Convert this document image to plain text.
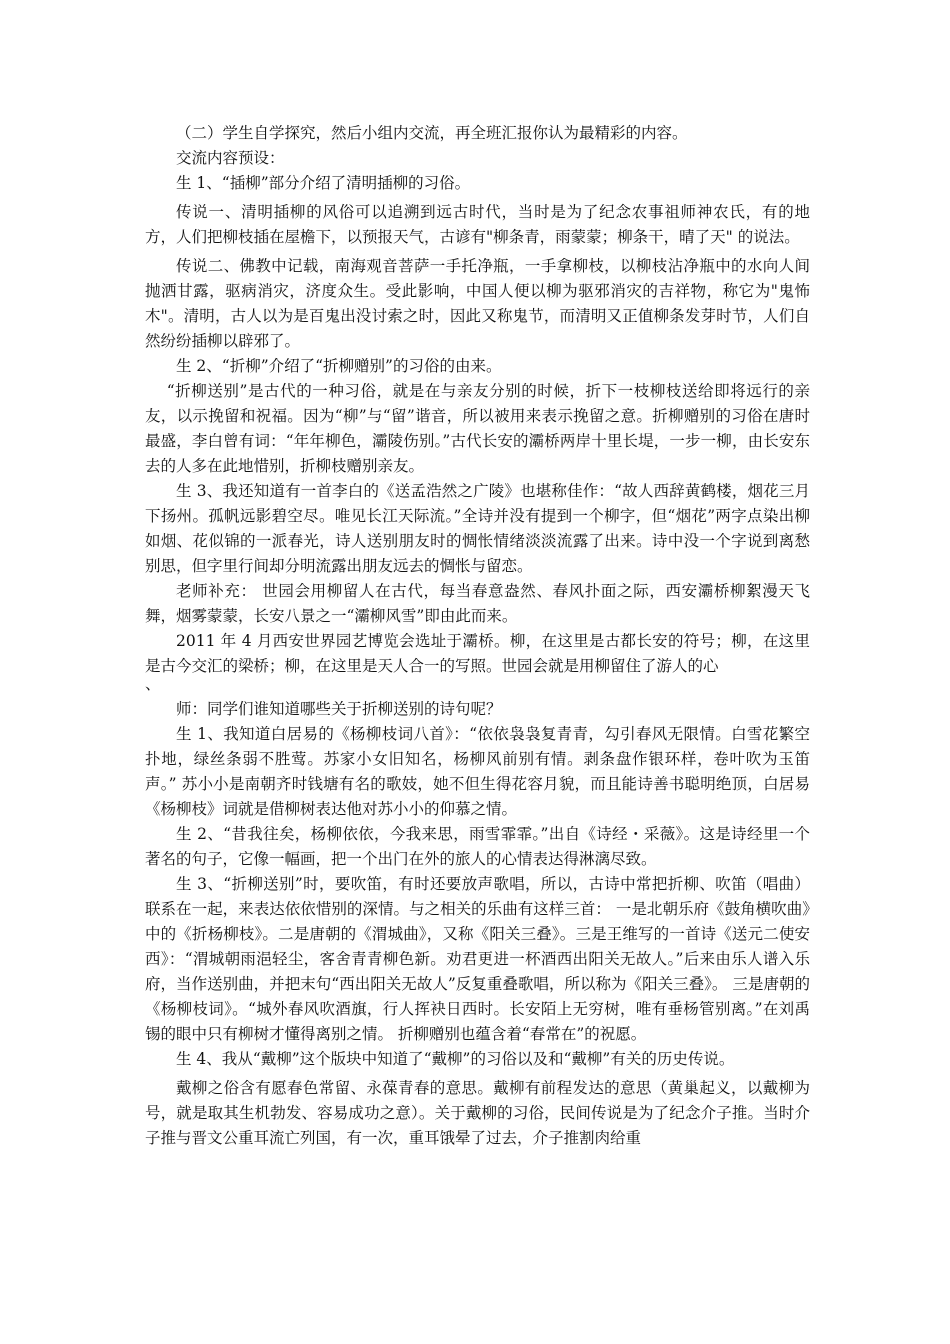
（二）学生自学探究，然后小组内交流，再全班汇报你认为最精彩的内容。

交流内容预设：

生 1、“插柳”部分介绍了清明插柳的习俗。

传说一、清明插柳的风俗可以追溯到远古时代，当时是为了纪念农事祖师神农氏，有的地方，人们把柳枝插在屋檐下，以预报天气，古谚有"柳条青，雨蒙蒙；柳条干，晴了天" 的说法。

传说二、佛教中记载，南海观音菩萨一手托净瓶，一手拿柳枝，以柳枝沾净瓶中的水向人间抛洒甘露，驱病消灾，济度众生。受此影响，中国人便以柳为驱邪消灾的吉祥物，称它为"鬼怖木"。清明，古人以为是百鬼出没讨索之时，因此又称鬼节，而清明又正值柳条发芽时节，人们自然纷纷插柳以辟邪了。

生 2、“折柳”介绍了“折柳赠别”的习俗的由来。

“折柳送别”是古代的一种习俗，就是在与亲友分别的时候，折下一枝柳枝送给即将远行的亲友，以示挽留和祝福。因为“柳”与“留”谐音，所以被用来表示挽留之意。折柳赠别的习俗在唐时最盛，李白曾有词：“年年柳色，灞陵伤别。”古代长安的灞桥两岸十里长堤，一步一柳，由长安东去的人多在此地惜别，折柳枝赠别亲友。

生 3、我还知道有一首李白的《送孟浩然之广陵》也堪称佳作：“故人西辞黄鹤楼，烟花三月下扬州。孤帆远影碧空尽。唯见长江天际流。”全诗并没有提到一个柳字，但“烟花”两字点染出柳如烟、花似锦的一派春光，诗人送别朋友时的惆怅情绪淡淡流露了出来。诗中没一个字说到离愁别思，但字里行间却分明流露出朋友远去的惆怅与留恋。

老师补充： 世园会用柳留人在古代，每当春意盎然、春风扑面之际，西安灞桥柳絮漫天飞舞，烟雾蒙蒙，长安八景之一“灞柳风雪”即由此而来。

2011 年 4 月西安世界园艺博览会选址于灞桥。柳，在这里是古都长安的符号；柳，在这里是古今交汇的梁桥；柳，在这里是天人合一的写照。世园会就是用柳留住了游人的心

、

师：同学们谁知道哪些关于折柳送别的诗句呢？

生 1、我知道白居易的《杨柳枝词八首》：“依依袅袅复青青，勾引春风无限情。白雪花繁空扑地，绿丝条弱不胜莺。苏家小女旧知名，杨柳风前别有情。剥条盘作银环样，卷叶吹为玉笛声。” 苏小小是南朝齐时钱塘有名的歌妓，她不但生得花容月貌，而且能诗善书聪明绝顶，白居易《杨柳枝》词就是借柳树表达他对苏小小的仰慕之情。

生 2、“昔我往矣，杨柳依依，今我来思，雨雪霏霏。”出自《诗经・采薇》。这是诗经里一个著名的句子，它像一幅画，把一个出门在外的旅人的心情表达得淋漓尽致。

生 3、“折柳送别”时，要吹笛，有时还要放声歌唱，所以，古诗中常把折柳、吹笛（唱曲）联系在一起，来表达依依惜别的深情。与之相关的乐曲有这样三首： 一是北朝乐府《鼓角横吹曲》中的《折杨柳枝》。二是唐朝的《渭城曲》，又称《阳关三叠》。三是王维写的一首诗《送元二使安西》：“渭城朝雨浥轻尘，客舍青青柳色新。劝君更进一杯酒西出阳关无故人。”后来由乐人谱入乐府，当作送别曲，并把末句“西出阳关无故人”反复重叠歌唱，所以称为《阳关三叠》。 三是唐朝的《杨柳枝词》。“城外春风吹酒旗，行人挥袂日西时。长安陌上无穷树，唯有垂杨管别离。”在刘禹锡的眼中只有柳树才懂得离别之情。 折柳赠别也蕴含着“春常在”的祝愿。

生 4、我从“戴柳”这个版块中知道了“戴柳”的习俗以及和“戴柳”有关的历史传说。

戴柳之俗含有愿春色常留、永葆青春的意思。戴柳有前程发达的意思（黄巢起义，以戴柳为号，就是取其生机勃发、容易成功之意）。关于戴柳的习俗，民间传说是为了纪念介子推。当时介子推与晋文公重耳流亡列国，有一次，重耳饿晕了过去，介子推割肉给重
